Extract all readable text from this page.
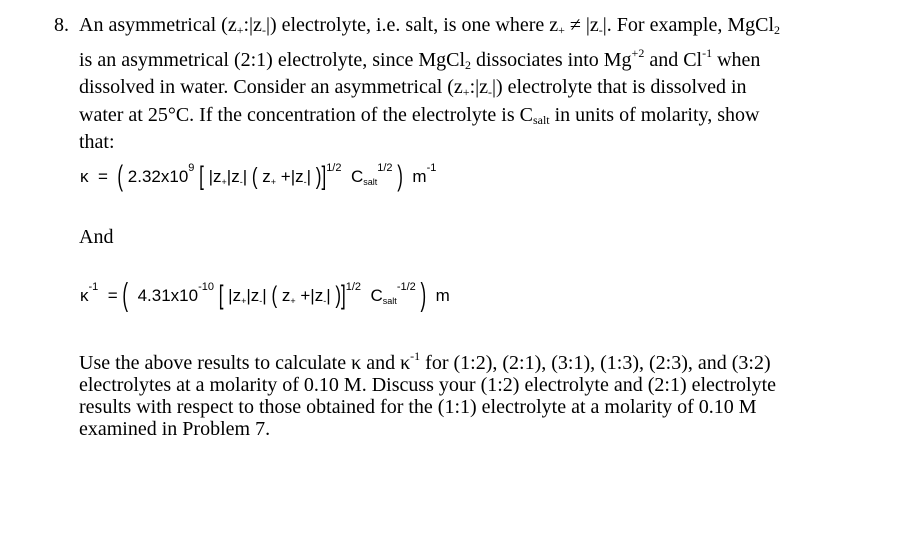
8. An asymmetrical $(z_+:|z_-|)$ electrolyte, i.e. salt, is one where $z_+ \ne |z_-|$. For example, MgCl$_2$
is an asymmetrical (2:1) electrolyte, since MgCl$_2$ dissociates into $Mg^{+2}$ and $Cl^{-1}$ when
dissolved in water. Consider an asymmetrical $(z_+:|z_-|)$ electrolyte that is dissolved in
water at 25°C. If the concentration of the electrolyte is $C_{salt}$ in units of molarity, show
that:
κ = ( 2.32x109 [ |z+|z-| ( z+ +|z-| )]1/2 Csalt1/2 ) m-1
And
κ-1 = ( 4.31x10-10 [ |z+|z-| ( z+ +|z-| )]1/2 Csalt-1/2 ) m
Use the above results to calculate κ and $\kappa^{-1}$ for (1:2), (2:1), (3:1), (1:3), (2:3), and (3:2)
electrolytes at a molarity of 0.10 M. Discuss your (1:2) electrolyte and (2:1) electrolyte
results with respect to those obtained for the (1:1) electrolyte at a molarity of 0.10 M
examined in Problem 7.
